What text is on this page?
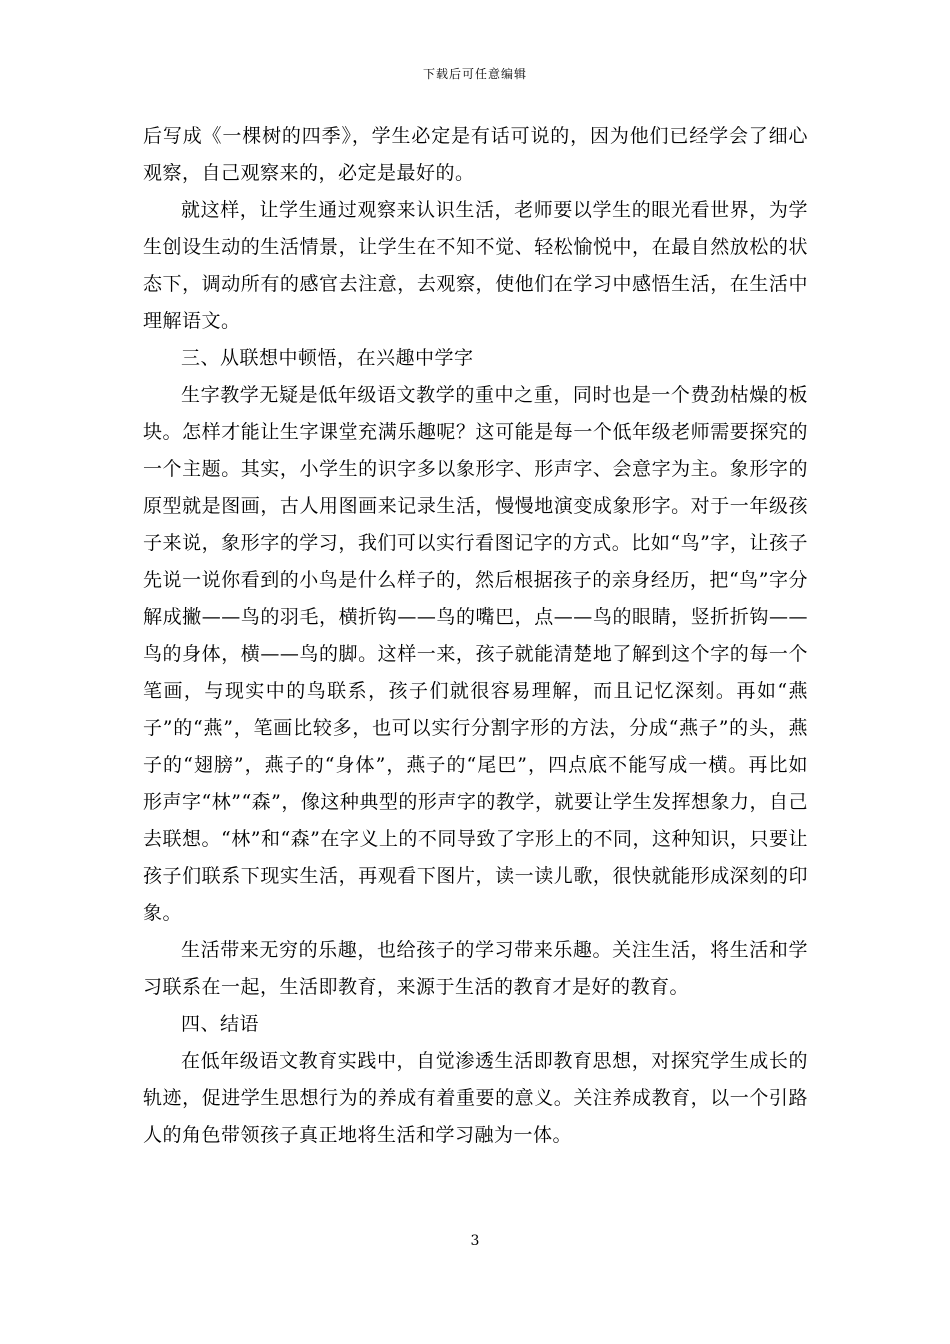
下载后可任意编辑

后写成《一棵树的四季》，学生必定是有话可说的，因为他们已经学会了细心观察，自己观察来的，必定是最好的。

就这样，让学生通过观察来认识生活，老师要以学生的眼光看世界，为学生创设生动的生活情景，让学生在不知不觉、轻松愉悦中，在最自然放松的状态下，调动所有的感官去注意，去观察，使他们在学习中感悟生活，在生活中理解语文。

三、从联想中顿悟，在兴趣中学字

生字教学无疑是低年级语文教学的重中之重，同时也是一个费劲枯燥的板块。怎样才能让生字课堂充满乐趣呢？这可能是每一个低年级老师需要探究的一个主题。其实，小学生的识字多以象形字、形声字、会意字为主。象形字的原型就是图画，古人用图画来记录生活，慢慢地演变成象形字。对于一年级孩子来说，象形字的学习，我们可以实行看图记字的方式。比如“鸟”字，让孩子先说一说你看到的小鸟是什么样子的，然后根据孩子的亲身经历，把“鸟”字分解成撇——鸟的羽毛，横折钩——鸟的嘴巴，点——鸟的眼睛，竖折折钩——鸟的身体，横——鸟的脚。这样一来，孩子就能清楚地了解到这个字的每一个笔画，与现实中的鸟联系，孩子们就很容易理解，而且记忆深刻。再如“燕子”的“燕”，笔画比较多，也可以实行分割字形的方法，分成“燕子”的头，燕子的“翅膀”，燕子的“身体”，燕子的“尾巴”，四点底不能写成一横。再比如形声字“林”“森”，像这种典型的形声字的教学，就要让学生发挥想象力，自己去联想。“林”和“森”在字义上的不同导致了字形上的不同，这种知识，只要让孩子们联系下现实生活，再观看下图片，读一读儿歌，很快就能形成深刻的印象。

生活带来无穷的乐趣，也给孩子的学习带来乐趣。关注生活，将生活和学习联系在一起，生活即教育，来源于生活的教育才是好的教育。

四、结语

在低年级语文教育实践中，自觉渗透生活即教育思想，对探究学生成长的轨迹，促进学生思想行为的养成有着重要的意义。关注养成教育，以一个引路人的角色带领孩子真正地将生活和学习融为一体。

3
